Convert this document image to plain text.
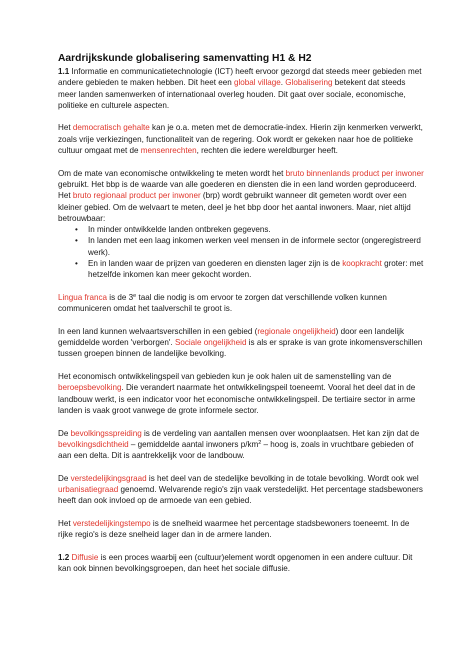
Aardrijkskunde globalisering samenvatting H1 & H2

1.1 Informatie en communicatietechnologie (ICT) heeft ervoor gezorgd dat steeds meer gebieden met andere gebieden te maken hebben. Dit heet een global village. Globalisering betekent dat steeds meer landen samenwerken of internationaal overleg houden. Dit gaat over sociale, economische, politieke en culturele aspecten.

Het democratisch gehalte kan je o.a. meten met de democratie-index. Hierin zijn kenmerken verwerkt, zoals vrije verkiezingen, functionaliteit van de regering. Ook wordt er gekeken naar hoe de politieke cultuur omgaat met de mensenrechten, rechten die iedere wereldburger heeft.

Om de mate van economische ontwikkeling te meten wordt het bruto binnenlands product per inwoner gebruikt. Het bbp is de waarde van alle goederen en diensten die in een land worden geproduceerd. Het bruto regionaal product per inwoner (brp) wordt gebruikt wanneer dit gemeten wordt over een kleiner gebied. Om de welvaart te meten, deel je het bbp door het aantal inwoners. Maar, niet altijd betrouwbaar:

• In minder ontwikkelde landen ontbreken gegevens.
• In landen met een laag inkomen werken veel mensen in de informele sector (ongeregistreerd werk).
• En in landen waar de prijzen van goederen en diensten lager zijn is de koopkracht groter: met hetzelfde inkomen kan meer gekocht worden.

Lingua franca is de 3e taal die nodig is om ervoor te zorgen dat verschillende volken kunnen communiceren omdat het taalverschil te groot is.

In een land kunnen welvaartsverschillen in een gebied (regionale ongelijkheid) door een landelijk gemiddelde worden 'verborgen'. Sociale ongelijkheid is als er sprake is van grote inkomensverschillen tussen groepen binnen de landelijke bevolking.

Het economisch ontwikkelingspeil van gebieden kun je ook halen uit de samenstelling van de beroepsbevolking. Die verandert naarmate het ontwikkelingspeil toeneemt. Vooral het deel dat in de landbouw werkt, is een indicator voor het economische ontwikkelingspeil. De tertiaire sector in arme landen is vaak groot vanwege de grote informele sector.

De bevolkingsspreiding is de verdeling van aantallen mensen over woonplaatsen. Het kan zijn dat de bevolkingsdichtheid – gemiddelde aantal inwoners $p/km^2$ – hoog is, zoals in vruchtbare gebieden of aan een delta. Dit is aantrekkelijk voor de landbouw.

De verstedelijkingsgraad is het deel van de stedelijke bevolking in de totale bevolking. Wordt ook wel urbanisatiegraad genoemd. Welvarende regio's zijn vaak verstedelijkt. Het percentage stadsbewoners heeft dan ook invloed op de armoede van een gebied.

Het verstedelijkingstempo is de snelheid waarmee het percentage stadsbewoners toeneemt. In de rijke regio's is deze snelheid lager dan in de armere landen.

1.2 Diffusie is een proces waarbij een (cultuur)element wordt opgenomen in een andere cultuur. Dit kan ook binnen bevolkingsgroepen, dan heet het sociale diffusie.
